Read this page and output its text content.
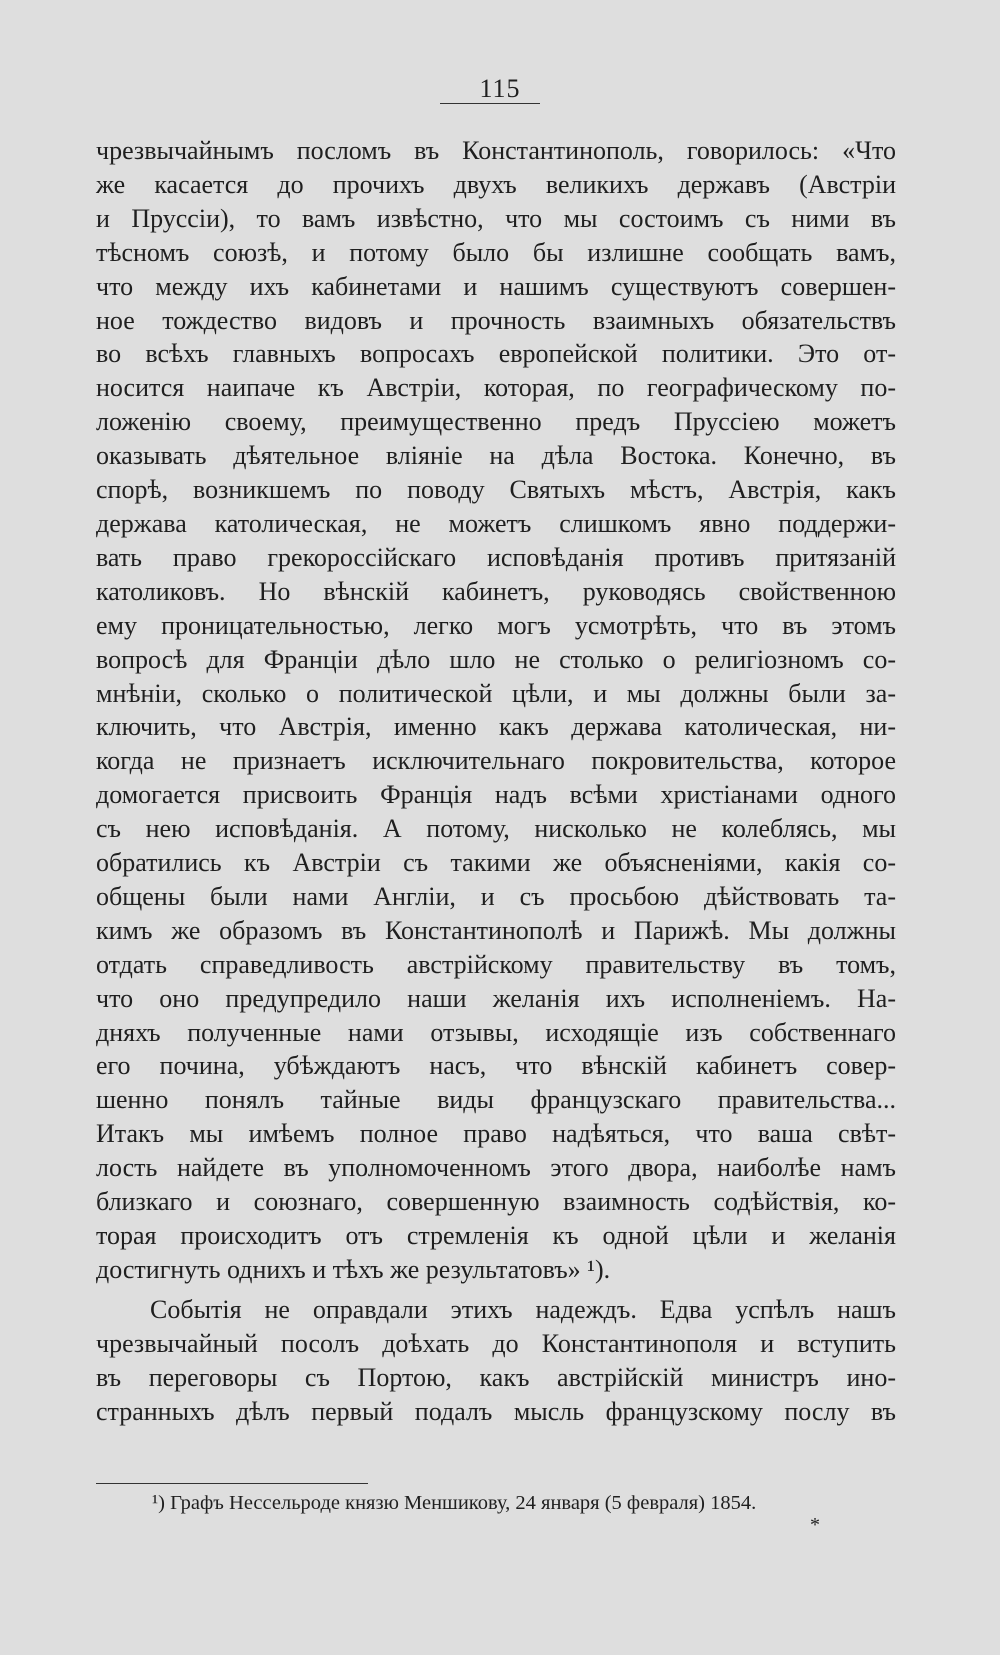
115

чрезвычайнымъ посломъ въ Константинополь, говорилось: «Что
же касается до прочихъ двухъ великихъ державъ (Австріи
и Пруссіи), то вамъ извѣстно, что мы состоимъ съ ними въ
тѣсномъ союзѣ, и потому было бы излишне сообщать вамъ,
что между ихъ кабинетами и нашимъ существуютъ совершен-
ное тождество видовъ и прочность взаимныхъ обязательствъ
во всѣхъ главныхъ вопросахъ европейской политики. Это от-
носится наипаче къ Австріи, которая, по географическому по-
ложенію своему, преимущественно предъ Пруссіею можетъ
оказывать дѣятельное вліяніе на дѣла Востока. Конечно, въ
спорѣ, возникшемъ по поводу Святыхъ мѣстъ, Австрія, какъ
держава католическая, не можетъ слишкомъ явно поддержи-
вать право грекороссійскаго исповѣданія противъ притязаній
католиковъ. Но вѣнскій кабинетъ, руководясь свойственною
ему проницательностью, легко могъ усмотрѣть, что въ этомъ
вопросѣ для Франціи дѣло шло не столько о религіозномъ со-
мнѣніи, сколько о политической цѣли, и мы должны были за-
ключить, что Австрія, именно какъ держава католическая, ни-
когда не признаетъ исключительнаго покровительства, которое
домогается присвоить Франція надъ всѣми христіанами одного
съ нею исповѣданія. А потому, нисколько не колеблясь, мы
обратились къ Австріи съ такими же объясненіями, какія со-
общены были нами Англіи, и съ просьбою дѣйствовать та-
кимъ же образомъ въ Константинополѣ и Парижѣ. Мы должны
отдать справедливость австрійскому правительству въ томъ,
что оно предупредило наши желанія ихъ исполненіемъ. На-
дняхъ полученные нами отзывы, исходящіе изъ собственнаго
его почина, убѣждаютъ насъ, что вѣнскій кабинетъ совер-
шенно понялъ тайные виды французскаго правительства...
Итакъ мы имѣемъ полное право надѣяться, что ваша свѣт-
лость найдете въ уполномоченномъ этого двора, наиболѣе намъ
близкаго и союзнаго, совершенную взаимность содѣйствія, ко-
торая происходитъ отъ стремленія къ одной цѣли и желанія
достигнуть однихъ и тѣхъ же результатовъ» ¹).

Событія не оправдали этихъ надеждъ. Едва успѣлъ нашъ
чрезвычайный посолъ доѣхать до Константинополя и вступить
въ переговоры съ Портою, какъ австрійскій министръ ино-
странныхъ дѣлъ первый подалъ мысль французскому послу въ

¹) Графъ Нессельроде князю Меншикову, 24 января (5 февраля) 1854.
*
